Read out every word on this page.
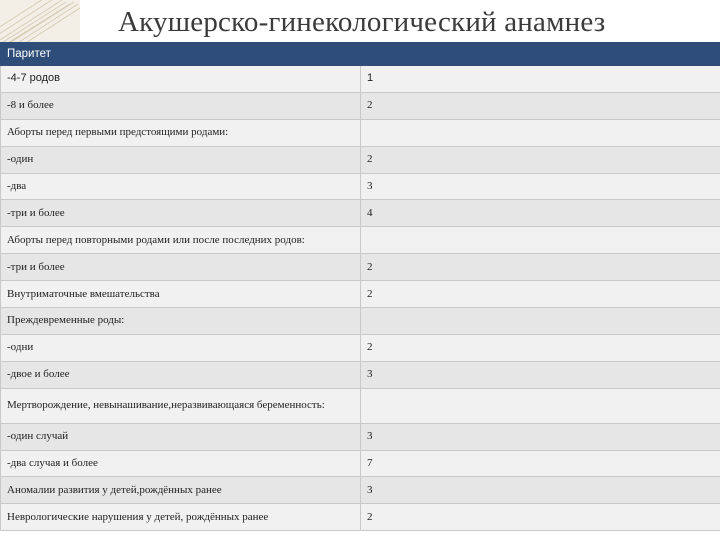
Акушерско-гинекологический анамнез
Паритет	
-4-7 родов	1
-8 и более	2
Аборты перед первыми предстоящими родами:	
-один	2
-два	3
-три и более	4
Аборты перед повторными родами или после последних родов:	
-три и более	2
Внутриматочные вмешательства	2
Преждевременные роды:	
-одни	2
-двое и более	3
Мертворождение, невынашивание,неразвивающаяся беременность:	
-один случай	3
-два случая и более	7
Аномалии развития у детей,рождённых ранее	3
Неврологические нарушения у детей, рождённых ранее	2
